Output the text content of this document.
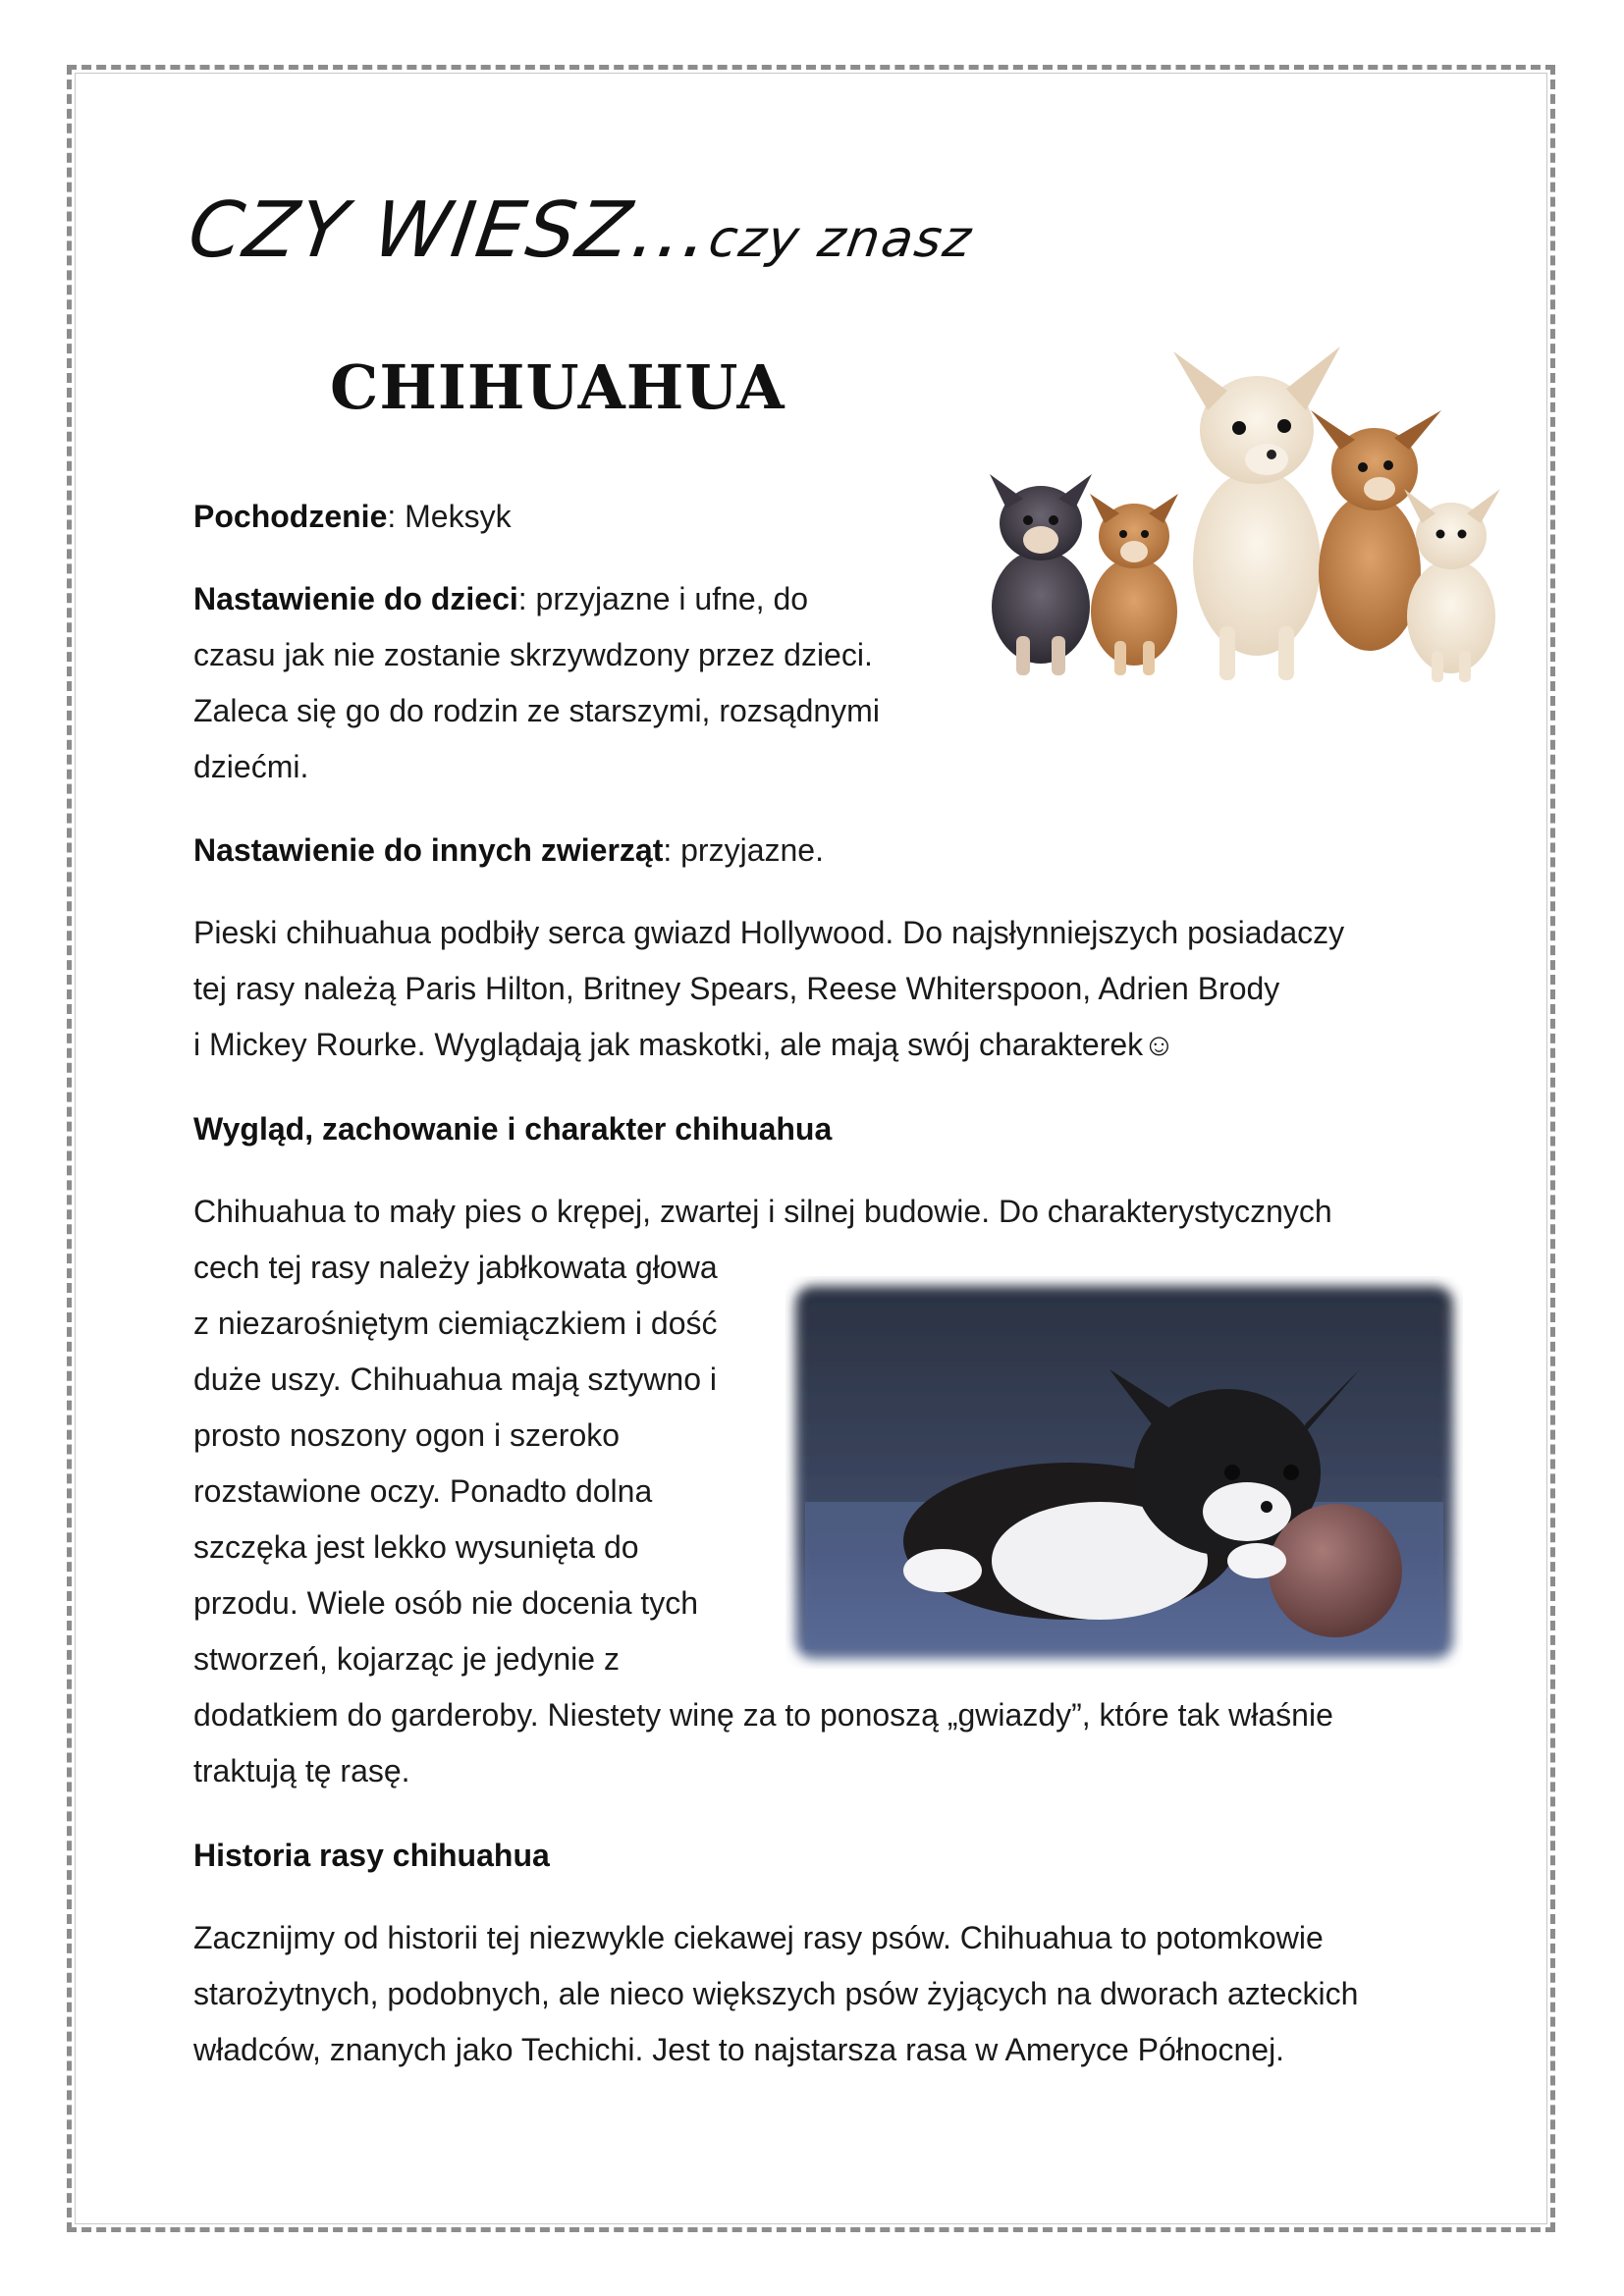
CZY WIESZ…czy znasz
CHIHUAHUA
Pochodzenie: Meksyk
Nastawienie do dzieci: przyjazne i ufne, do
czasu jak nie zostanie skrzywdzony przez dzieci.
Zaleca się go do rodzin ze starszymi, rozsądnymi
dziećmi.
Nastawienie do innych zwierząt: przyjazne.
Pieski chihuahua podbiły serca gwiazd Hollywood. Do najsłynniejszych posiadaczy
tej rasy należą Paris Hilton, Britney Spears, Reese Whiterspoon, Adrien Brody
i Mickey Rourke. Wyglądają jak maskotki, ale mają swój charakterek☺
Wygląd, zachowanie i charakter chihuahua
Chihuahua to mały pies o krępej, zwartej i silnej budowie. Do charakterystycznych
cech tej rasy należy jabłkowata głowa
z niezarośniętym ciemiączkiem i dość
duże uszy. Chihuahua mają sztywno i
prosto noszony ogon i szeroko
rozstawione oczy. Ponadto dolna
szczęka jest lekko wysunięta do
przodu. Wiele osób nie docenia tych
stworzeń, kojarząc je jedynie z
dodatkiem do garderoby. Niestety winę za to ponoszą „gwiazdy”, które tak właśnie
traktują tę rasę.
Historia rasy chihuahua
Zacznijmy od historii tej niezwykle ciekawej rasy psów. Chihuahua to potomkowie
starożytnych, podobnych, ale nieco większych psów żyjących na dworach azteckich
władców, znanych jako Techichi. Jest to najstarsza rasa w Ameryce Północnej.
